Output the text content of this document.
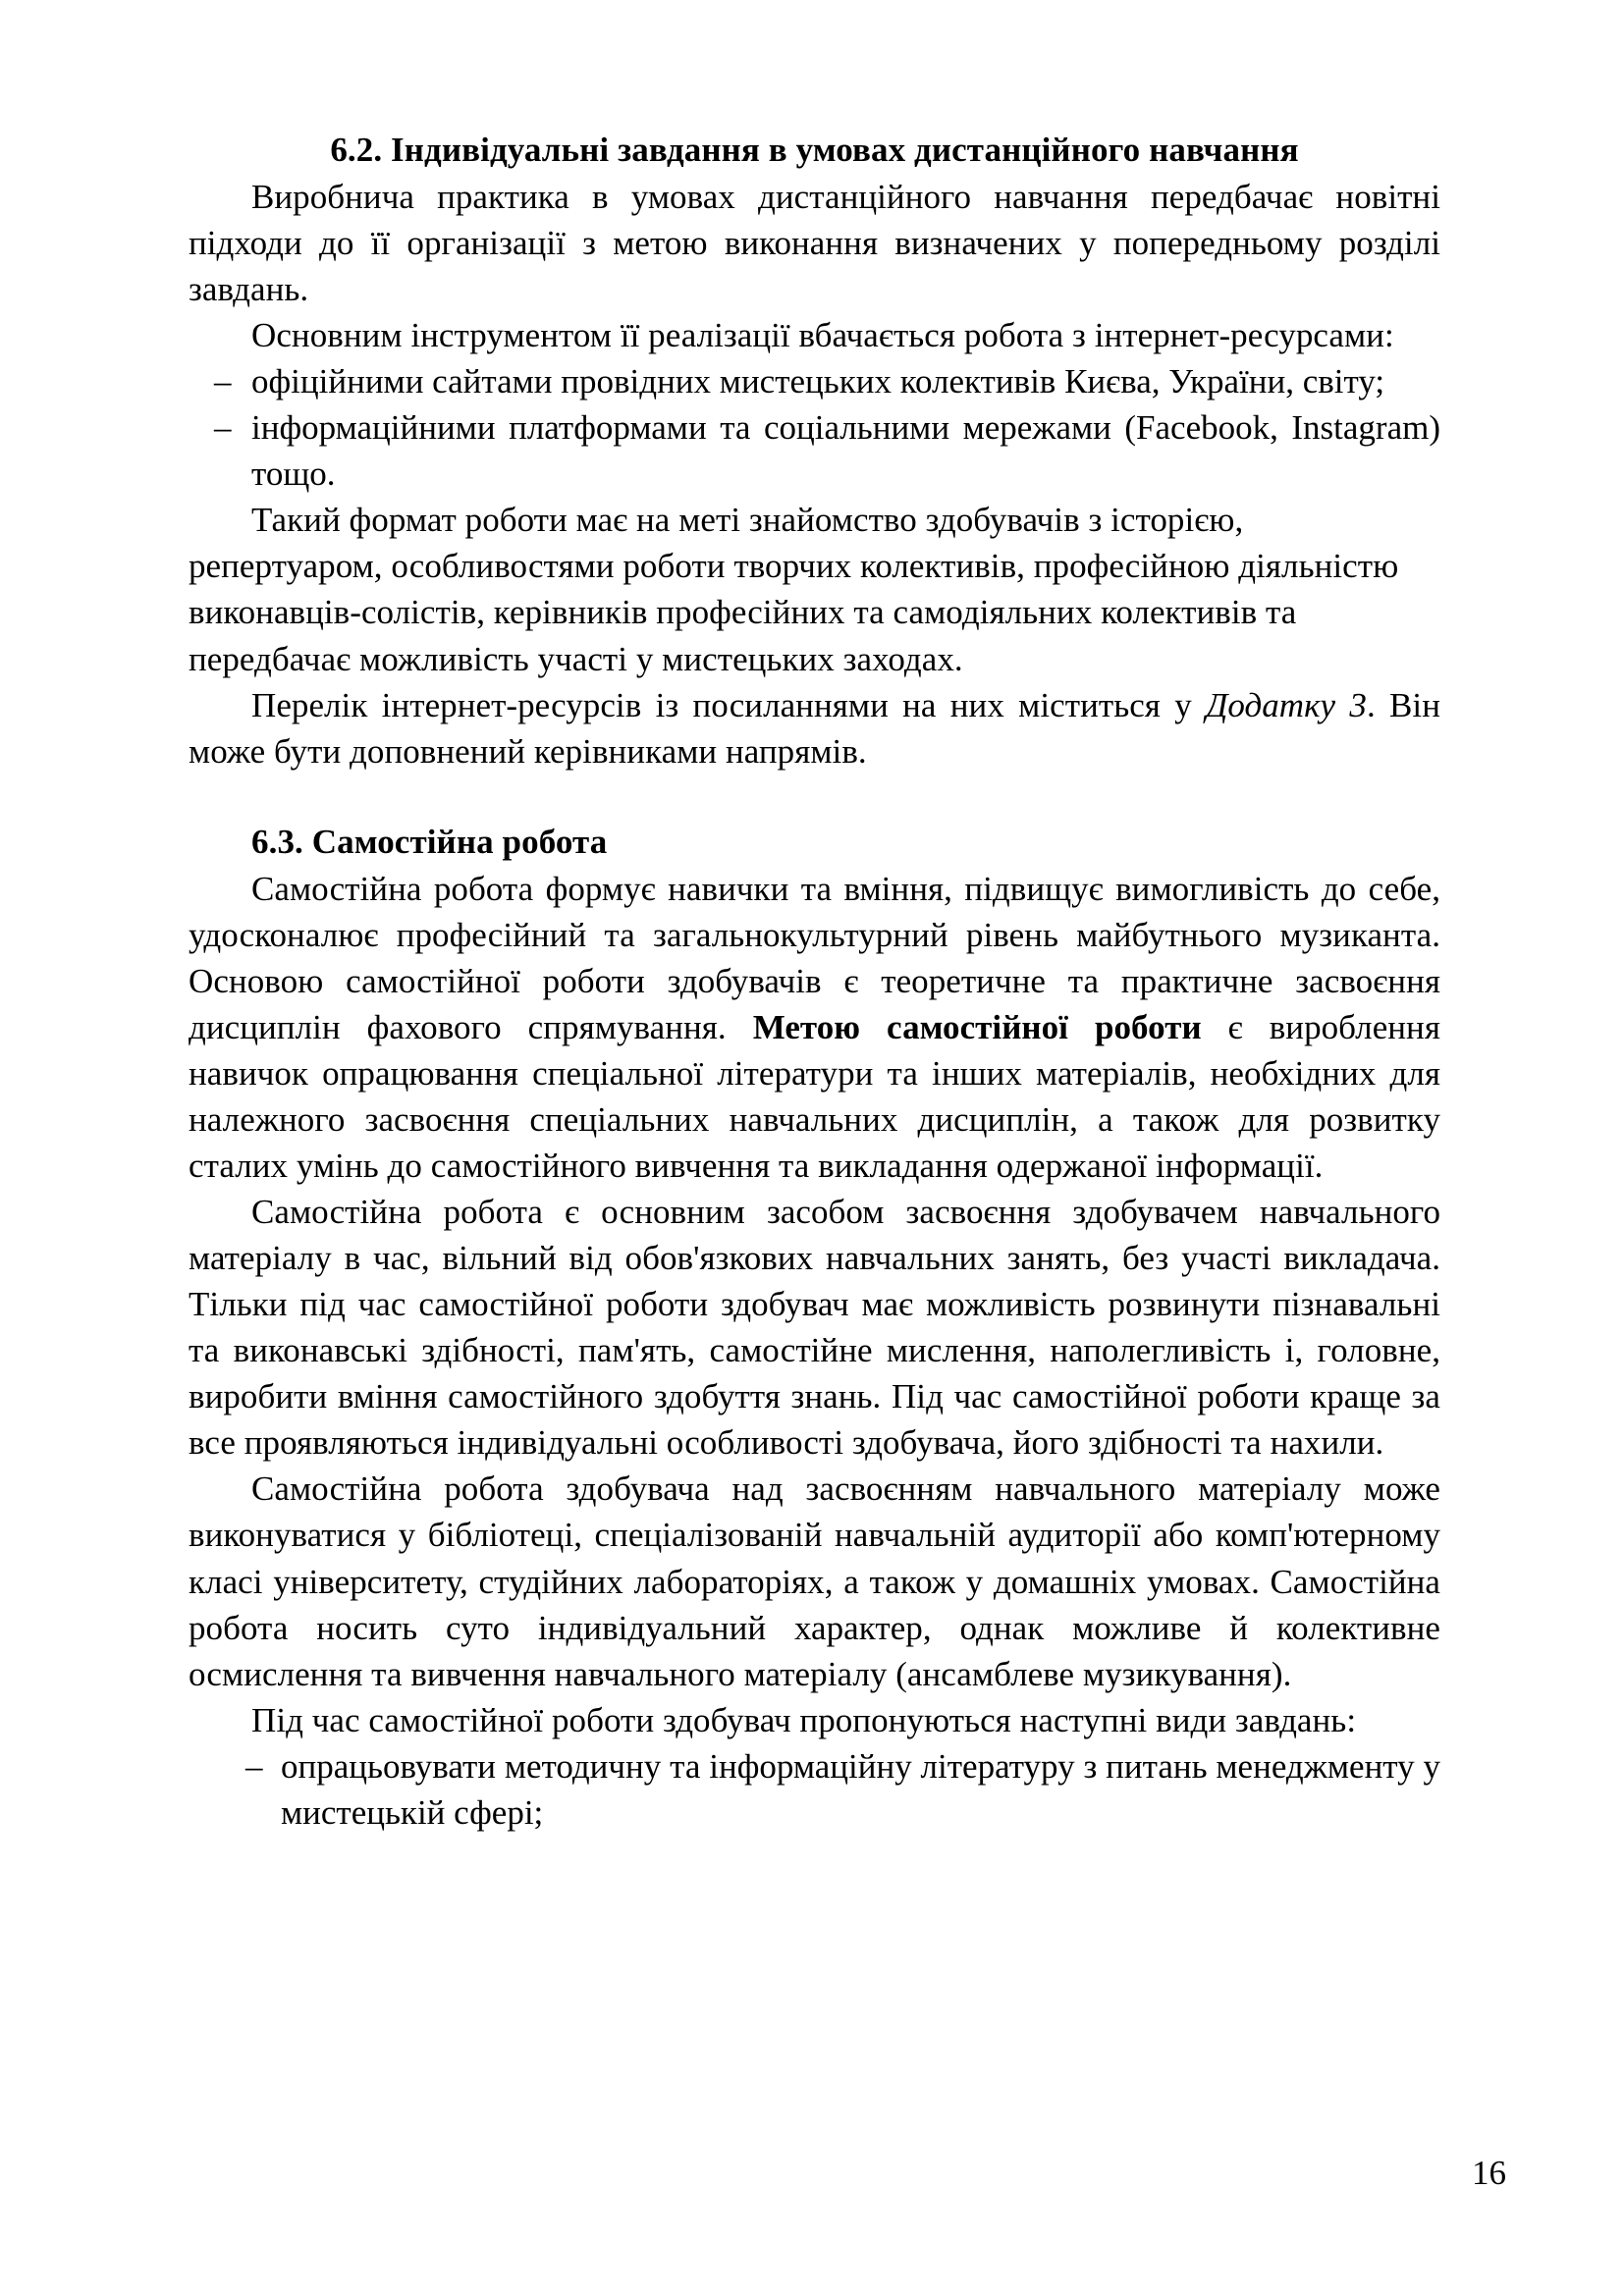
6.2. Індивідуальні завдання в умовах дистанційного навчання

Виробнича практика в умовах дистанційного навчання передбачає новітні підходи до її організації з метою виконання визначених у попередньому розділі завдань.

Основним інструментом її реалізації вбачається робота з інтернет-ресурсами:

– офіційними сайтами провідних мистецьких колективів Києва, України, світу;
– інформаційними платформами та соціальними мережами (Facebook, Instagram) тощо.

Такий формат роботи має на меті знайомство здобувачів з історією, репертуаром, особливостями роботи творчих колективів, професійною діяльністю виконавців-солістів, керівників професійних та самодіяльних колективів та передбачає можливість участі у мистецьких заходах.

Перелік інтернет-ресурсів із посиланнями на них міститься у Додатку 3. Він може бути доповнений керівниками напрямів.

6.3. Самостійна робота

Самостійна робота формує навички та вміння, підвищує вимогливість до себе, удосконалює професійний та загальнокультурний рівень майбутнього музиканта. Основою самостійної роботи здобувачів є теоретичне та практичне засвоєння дисциплін фахового спрямування. Метою самостійної роботи є вироблення навичок опрацювання спеціальної літератури та інших матеріалів, необхідних для належного засвоєння спеціальних навчальних дисциплін, а також для розвитку сталих умінь до самостійного вивчення та викладання одержаної інформації.

Самостійна робота є основним засобом засвоєння здобувачем навчального матеріалу в час, вільний від обов'язкових навчальних занять, без участі викладача. Тільки під час самостійної роботи здобувач має можливість розвинути пізнавальні та виконавські здібності, пам'ять, самостійне мислення, наполегливість і, головне, виробити вміння самостійного здобуття знань. Під час самостійної роботи краще за все проявляються індивідуальні особливості здобувача, його здібності та нахили.

Самостійна робота здобувача над засвоєнням навчального матеріалу може виконуватися у бібліотеці, спеціалізованій навчальній аудиторії або комп'ютерному класі університету, студійних лабораторіях, а також у домашніх умовах. Самостійна робота носить суто індивідуальний характер, однак можливе й колективне осмислення та вивчення навчального матеріалу (ансамблеве музикування).

Під час самостійної роботи здобувач пропонуються наступні види завдань:

– опрацьовувати методичну та інформаційну літературу з питань менеджменту у мистецькій сфері;
16
